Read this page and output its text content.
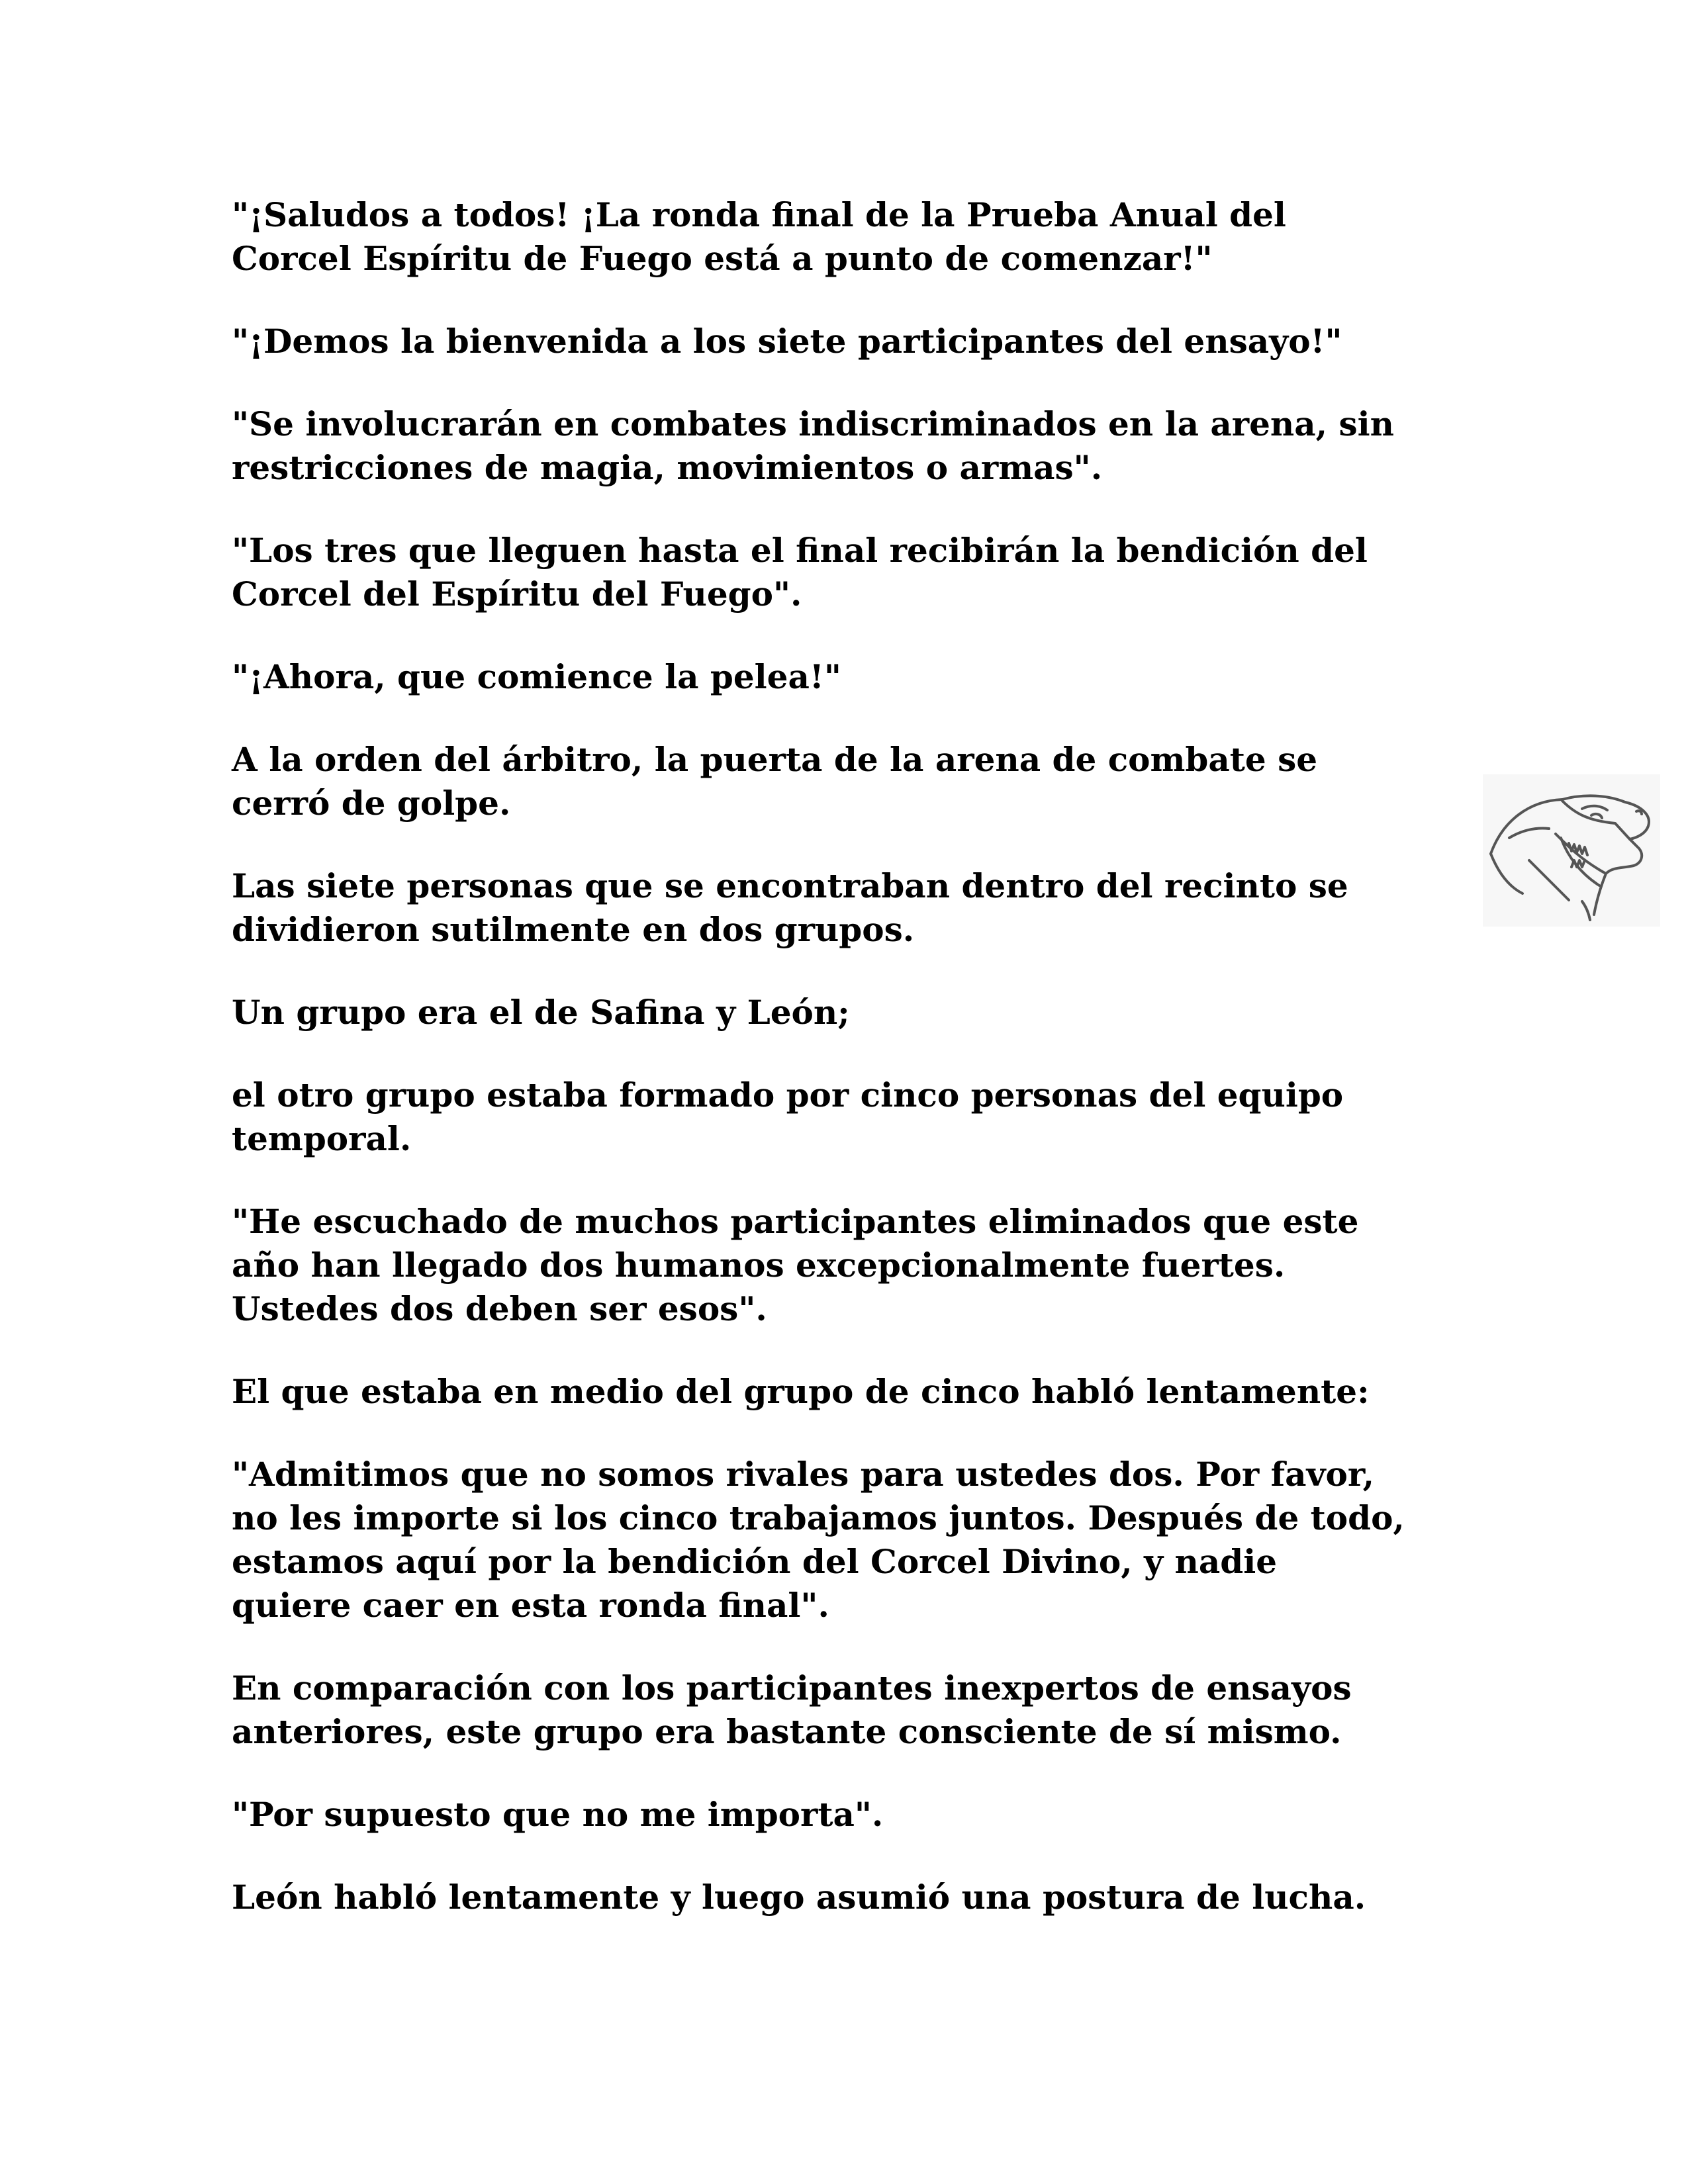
"¡Saludos a todos! ¡La ronda final de la Prueba Anual del
Corcel Espíritu de Fuego está a punto de comenzar!"

"¡Demos la bienvenida a los siete participantes del ensayo!"

"Se involucrarán en combates indiscriminados en la arena, sin
restricciones de magia, movimientos o armas".

"Los tres que lleguen hasta el final recibirán la bendición del
Corcel del Espíritu del Fuego".

"¡Ahora, que comience la pelea!"

A la orden del árbitro, la puerta de la arena de combate se
cerró de golpe.

Las siete personas que se encontraban dentro del recinto se
dividieron sutilmente en dos grupos.

Un grupo era el de Safina y León;

el otro grupo estaba formado por cinco personas del equipo
temporal.

"He escuchado de muchos participantes eliminados que este
año han llegado dos humanos excepcionalmente fuertes.
Ustedes dos deben ser esos".

El que estaba en medio del grupo de cinco habló lentamente:

"Admitimos que no somos rivales para ustedes dos. Por favor,
no les importe si los cinco trabajamos juntos. Después de todo,
estamos aquí por la bendición del Corcel Divino, y nadie
quiere caer en esta ronda final".

En comparación con los participantes inexpertos de ensayos
anteriores, este grupo era bastante consciente de sí mismo.

"Por supuesto que no me importa".

León habló lentamente y luego asumió una postura de lucha.
